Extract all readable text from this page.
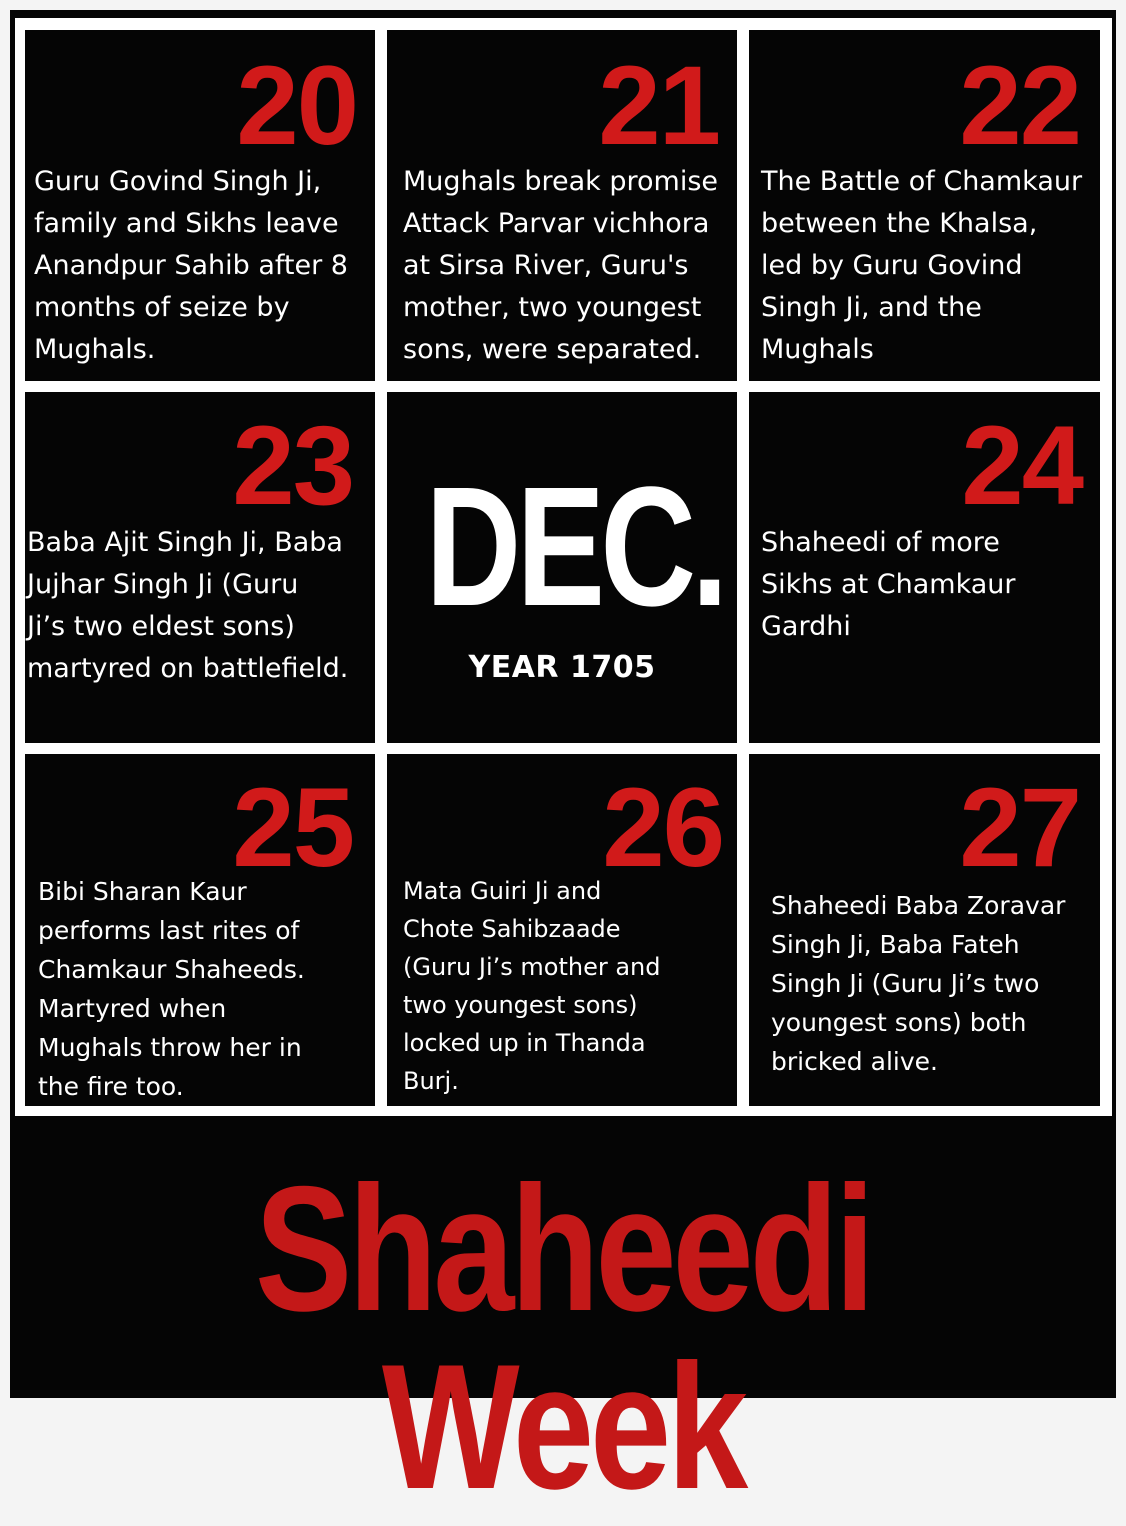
20
Guru Govind Singh Ji,
family and Sikhs leave
Anandpur Sahib after 8
months of seize by
Mughals.
21
Mughals break promise
Attack Parvar vichhora
at Sirsa River, Guru's
mother, two youngest
sons, were separated.
22
The Battle of Chamkaur
between the Khalsa,
led by Guru Govind
Singh Ji, and the
Mughals
23
Baba Ajit Singh Ji, Baba
Jujhar Singh Ji (Guru
Ji’s two eldest sons)
martyred on battlefield.
DEC.
YEAR 1705
24
Shaheedi of more
Sikhs at Chamkaur
Gardhi
25
Bibi Sharan Kaur
performs last rites of
Chamkaur Shaheeds.
Martyred when
Mughals throw her in
the fire too.
26
Mata Guiri Ji and
Chote Sahibzaade
(Guru Ji’s mother and
two youngest sons)
locked up in Thanda
Burj.
27
Shaheedi Baba Zoravar
Singh Ji, Baba Fateh
Singh Ji (Guru Ji’s two
youngest sons) both
bricked alive.
Shaheedi Week
